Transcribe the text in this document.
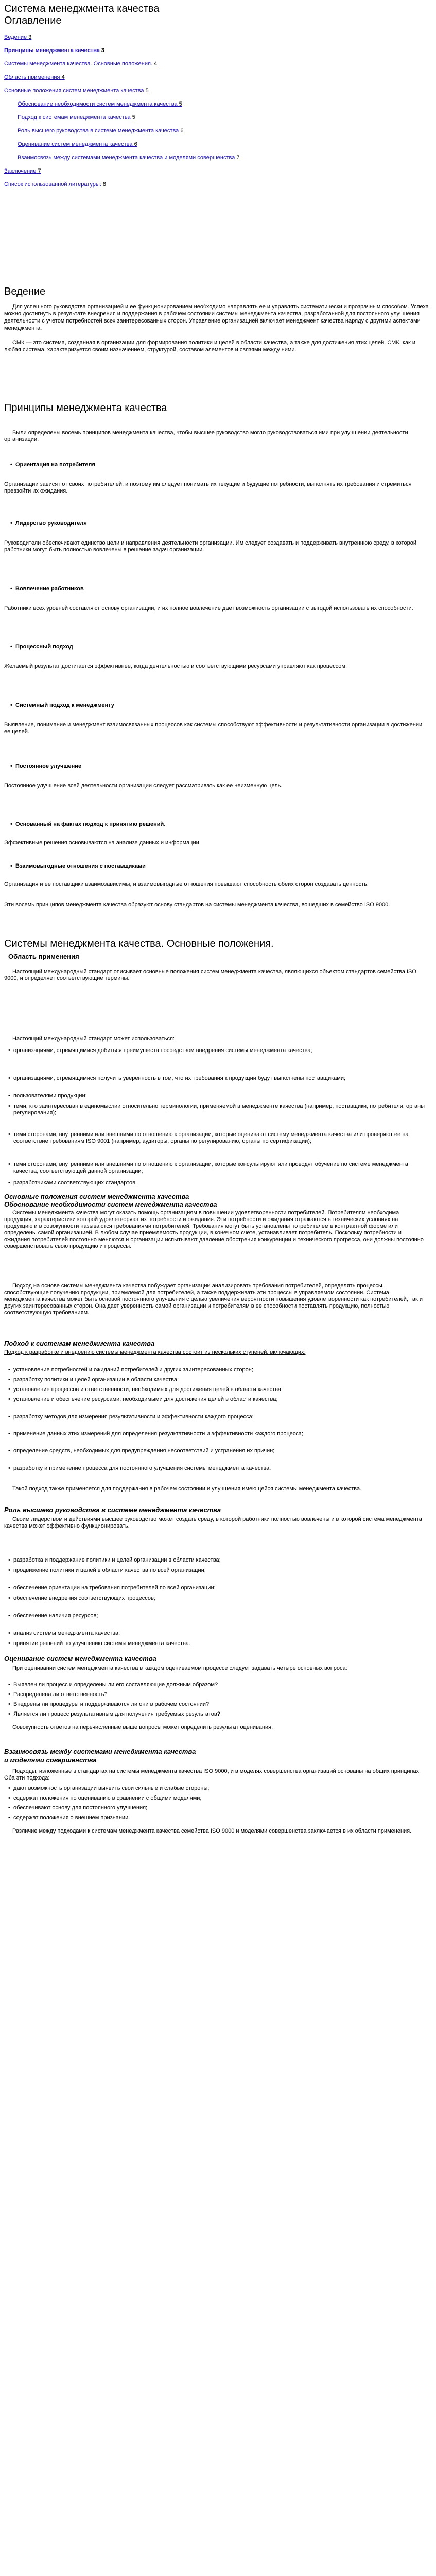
Система менеджмента качества
Оглавление
Ведение 3
Принципы менеджмента качества 3
Системы менеджмента качества. Основные положения. 4
Область применения 4
Основные положения систем менеджмента качества 5
Обоснование необходимости систем менеджмента качества 5
Подход к системам менеджмента качества 5
Роль высшего руководства в системе менеджмента качества 6
Оценивание систем менеджмента качества 6
Взаимосвязь между системами менеджмента качества и моделями совершенства 7
Заключение 7
Список использованной литературы: 8
Ведение

Для успешного руководства организацией и ее функционированием необходимо направлять ее и управлять систематически и прозрачным способом. Успеха можно достигнуть в результате внедрения и поддержания в рабочем состоянии системы менеджмента качества, разработанной для постоянного улучшения деятельности с учетом потребностей всех заинтересованных сторон. Управление организацией включает менеджмент качества наряду с другими аспектами менеджмента.

СМК — это система, созданная в организации для формирования политики и целей в области качества, а также для достижения этих целей. СМК, как и любая система, характеризуется своим назначением, структурой, составом элементов и связями между ними.

Принципы менеджмента качества
Были определены восемь принципов менеджмента качества, чтобы высшее руководство могло руководствоваться ими при улучшении деятельности организации.
• Ориентация на потребителя
Организации зависят от своих потребителей, и поэтому им следует понимать их текущие и будущие потребности, выполнять их требования и стремиться превзойти их ожидания.
• Лидерство руководителя
Руководители обеспечивают единство цели и направления деятельности организации. Им следует создавать и поддерживать внутреннюю среду, в которой работники могут быть полностью вовлечены в решение задач организации.
• Вовлечение работников
Работники всех уровней составляют основу организации, и их полное вовлечение дает возможность организации с выгодой использовать их способности.
• Процессный подход
Желаемый результат достигается эффективнее, когда деятельностью и соответствующими ресурсами управляют как процессом.
• Системный подход к менеджменту
Выявление, понимание и менеджмент взаимосвязанных процессов как системы способствуют эффективности и результативности организации в достижении ее целей.
• Постоянное улучшение
Постоянное улучшение всей деятельности организации следует рассматривать как ее неизменную цель.
• Основанный на фактах подход к принятию решений.
Эффективные решения основываются на анализе данных и информации.
• Взаимовыгодные отношения с поставщиками
Организация и ее поставщики взаимозависимы, и взаимовыгодные отношения повышают способность обеих сторон создавать ценность.
Эти восемь принципов менеджмента качества образуют основу стандартов на системы менеджмента качества, вошедших в семейство ISO 9000.
Системы менеджмента качества. Основные положения.
Область применения
Настоящий международный стандарт описывает основные положения систем менеджмента качества, являющихся объектом стандартов семейства ISO 9000, и определяет соответствующие термины.
Настоящий международный стандарт может использоваться:
• организациями, стремящимися добиться преимуществ посредством внедрения системы менеджмента качества;
• организациями, стремящимися получить уверенность в том, что их требования к продукции будут выполнены поставщиками;
• пользователями продукции;
• теми, кто заинтересован в единомыслии относительно терминологии, применяемой в менеджменте качества (например, поставщики, потребители, органы регулирования);
• теми сторонами, внутренними или внешними по отношению к организации, которые оценивают систему менеджмента качества или проверяют ее на соответствие требованиям ISO 9001 (например, аудиторы, органы по регулированию, органы по сертификации);
• теми сторонами, внутренними или внешними по отношению к организации, которые консультируют или проводят обучение по системе менеджмента качества, соответствующей данной организации;
• разработчиками соответствующих стандартов.
Основные положения систем менеджмента качества
Обоснование необходимости систем менеджмента качества
Системы менеджмента качества могут оказать помощь организациям в повышении удовлетворенности потребителей. Потребителям необходима продукция, характеристики которой удовлетворяют их потребности и ожидания. Эти потребности и ожидания отражаются в технических условиях на продукцию и в совокупности называются требованиями потребителей. Требования могут быть установлены потребителем в контрактной форме или определены самой организацией. В любом случае приемлемость продукции, в конечном счете, устанавливает потребитель. Поскольку потребности и ожидания потребителей постоянно меняются и организации испытывают давление обострения конкуренции и технического прогресса, они должны постоянно совершенствовать свою продукцию и процессы.
Подход на основе системы менеджмента качества побуждает организации анализировать требования потребителей, определять процессы, способствующие получению продукции, приемлемой для потребителей, а также поддерживать эти процессы в управляемом состоянии. Система менеджмента качества может быть основой постоянного улучшения с целью увеличения вероятности повышения удовлетворенности как потребителей, так и других заинтересованных сторон. Она дает уверенность самой организации и потребителям в ее способности поставлять продукцию, полностью соответствующую требованиям.
Подход к системам менеджмента качества
Подход к разработке и внедрению системы менеджмента качества состоит из нескольких ступеней, включающих:
• установление потребностей и ожиданий потребителей и других заинтересованных сторон;
• разработку политики и целей организации в области качества;
• установление процессов и ответственности, необходимых для достижения целей в области качества;
• установление и обеспечение ресурсами, необходимыми для достижения целей в области качества;
• разработку методов для измерения результативности и эффективности каждого процесса;
• применение данных этих измерений для определения результативности и эффективности каждого процесса;
• определение средств, необходимых для предупреждения несоответствий и устранения их причин;
• разработку и применение процесса для постоянного улучшения системы менеджмента качества.
Такой подход также применяется для поддержания в рабочем состоянии и улучшения имеющейся системы менеджмента качества.
Роль высшего руководства в системе менеджмента качества
Своим лидерством и действиями высшее руководство может создать среду, в которой работники полностью вовлечены и в которой система менеджмента качества может эффективно функционировать.
• разработка и поддержание политики и целей организации в области качества;
• продвижение политики и целей в области качества по всей организации;
• обеспечение ориентации на требования потребителей по всей организации;
• обеспечение внедрения соответствующих процессов;
• обеспечение наличия ресурсов;
• анализ системы менеджмента качества;
• принятие решений по улучшению системы менеджмента качества.
Оценивание систем менеджмента качества
При оценивании систем менеджмента качества в каждом оцениваемом процессе следует задавать четыре основных вопроса:
• Выявлен ли процесс и определены ли его составляющие должным образом?
• Распределена ли ответственность?
• Внедрены ли процедуры и поддерживаются ли они в рабочем состоянии?
• Является ли процесс результативным для получения требуемых результатов?
Совокупность ответов на перечисленные выше вопросы может определить результат оценивания.
Взаимосвязь между системами менеджмента качества
и моделями совершенства
Подходы, изложенные в стандартах на системы менеджмента качества ISO 9000, и в моделях совершенства организаций основаны на общих принципах. Оба эти подхода:
• дают возможность организации выявить свои сильные и слабые стороны;
• содержат положения по оцениванию в сравнении с общими моделями;
• обеспечивают основу для постоянного улучшения;
• содержат положения о внешнем признании.
Различие между подходами к системам менеджмента качества семейства ISO 9000 и моделями совершенства заключается в их области применения.
